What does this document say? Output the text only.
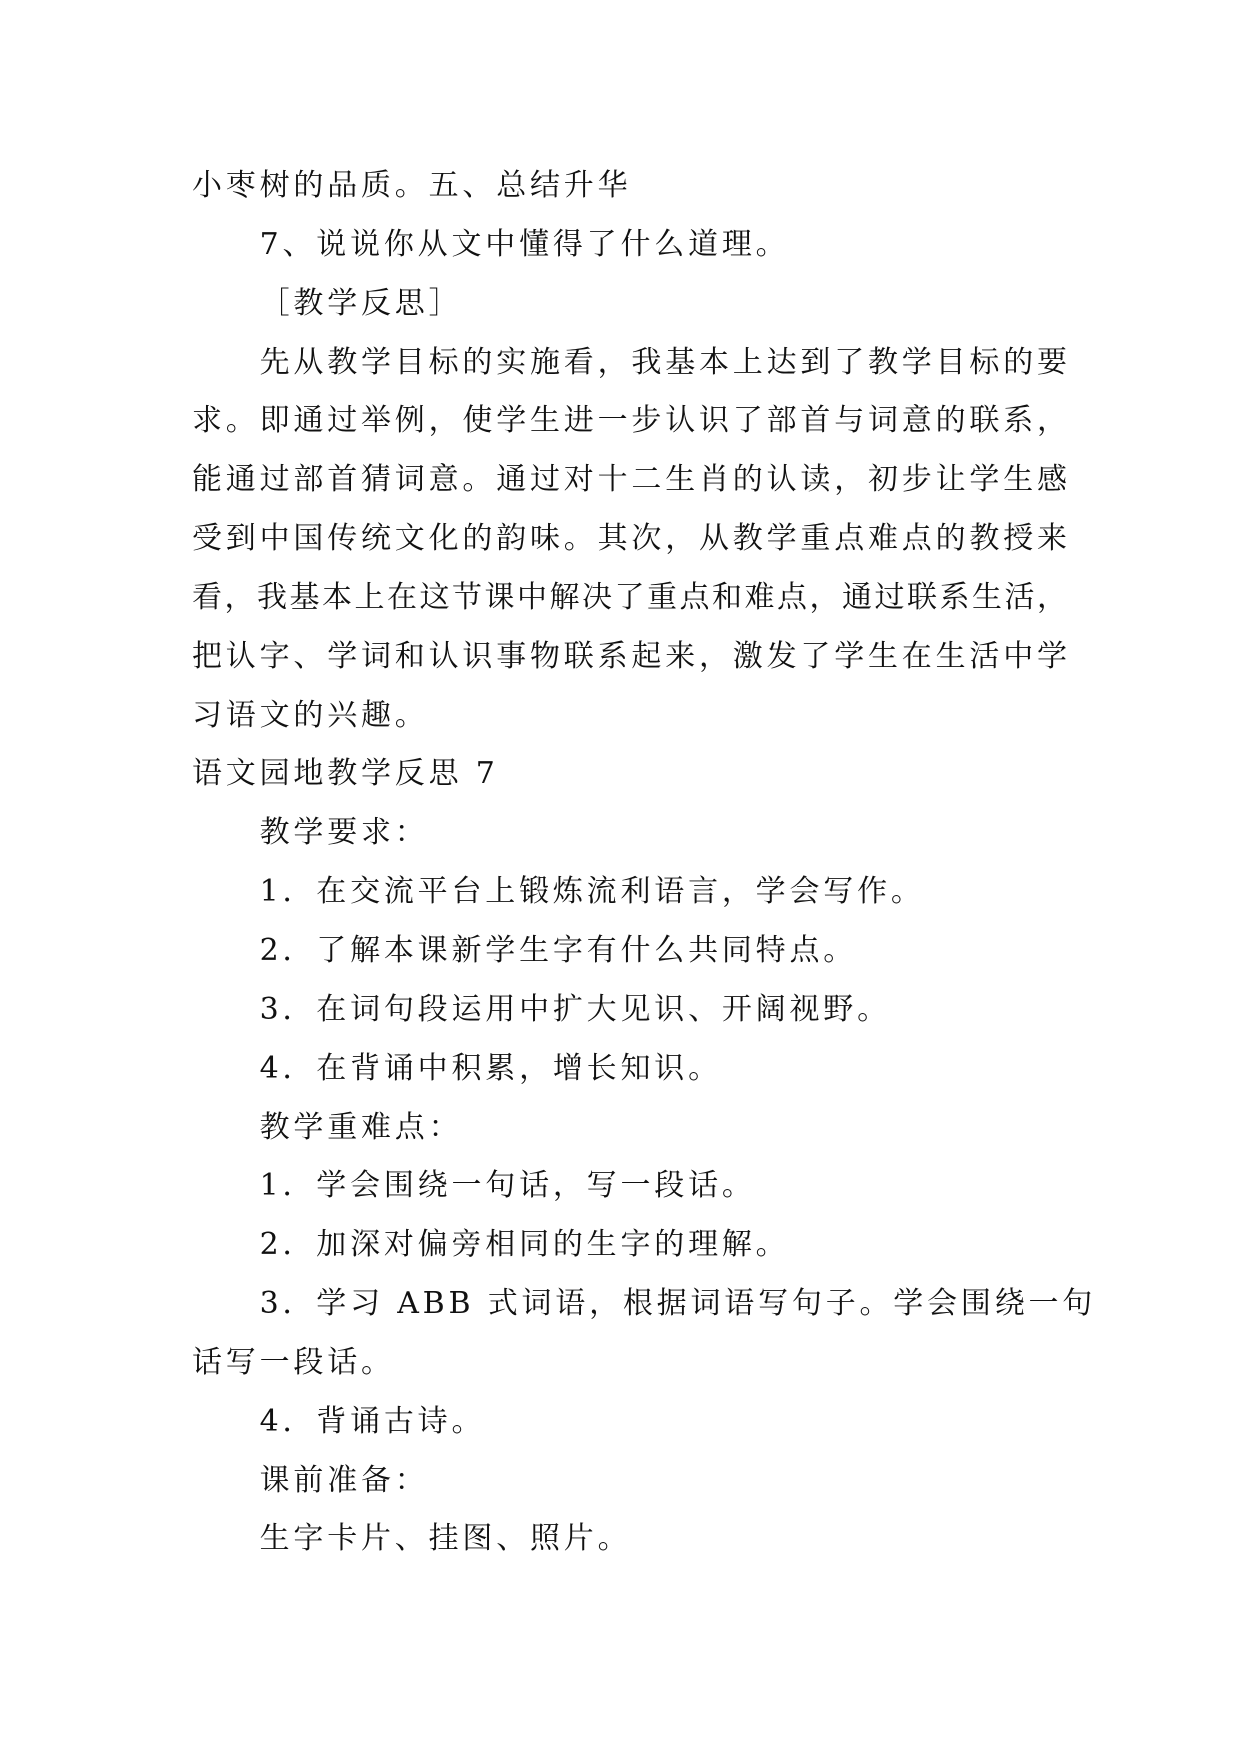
小枣树的品质。五、总结升华

7、说说你从文中懂得了什么道理。

［教学反思］

先从教学目标的实施看，我基本上达到了教学目标的要
求。即通过举例，使学生进一步认识了部首与词意的联系，
能通过部首猜词意。通过对十二生肖的认读，初步让学生感
受到中国传统文化的韵味。其次，从教学重点难点的教授来
看，我基本上在这节课中解决了重点和难点，通过联系生活，
把认字、学词和认识事物联系起来，激发了学生在生活中学
习语文的兴趣。

语文园地教学反思 7

教学要求：
1．在交流平台上锻炼流利语言，学会写作。
2．了解本课新学生字有什么共同特点。
3．在词句段运用中扩大见识、开阔视野。
4．在背诵中积累，增长知识。
教学重难点：
1．学会围绕一句话，写一段话。
2．加深对偏旁相同的生字的理解。
3．学习 ABB 式词语，根据词语写句子。学会围绕一句
话写一段话。
4．背诵古诗。
课前准备：
生字卡片、挂图、照片。
